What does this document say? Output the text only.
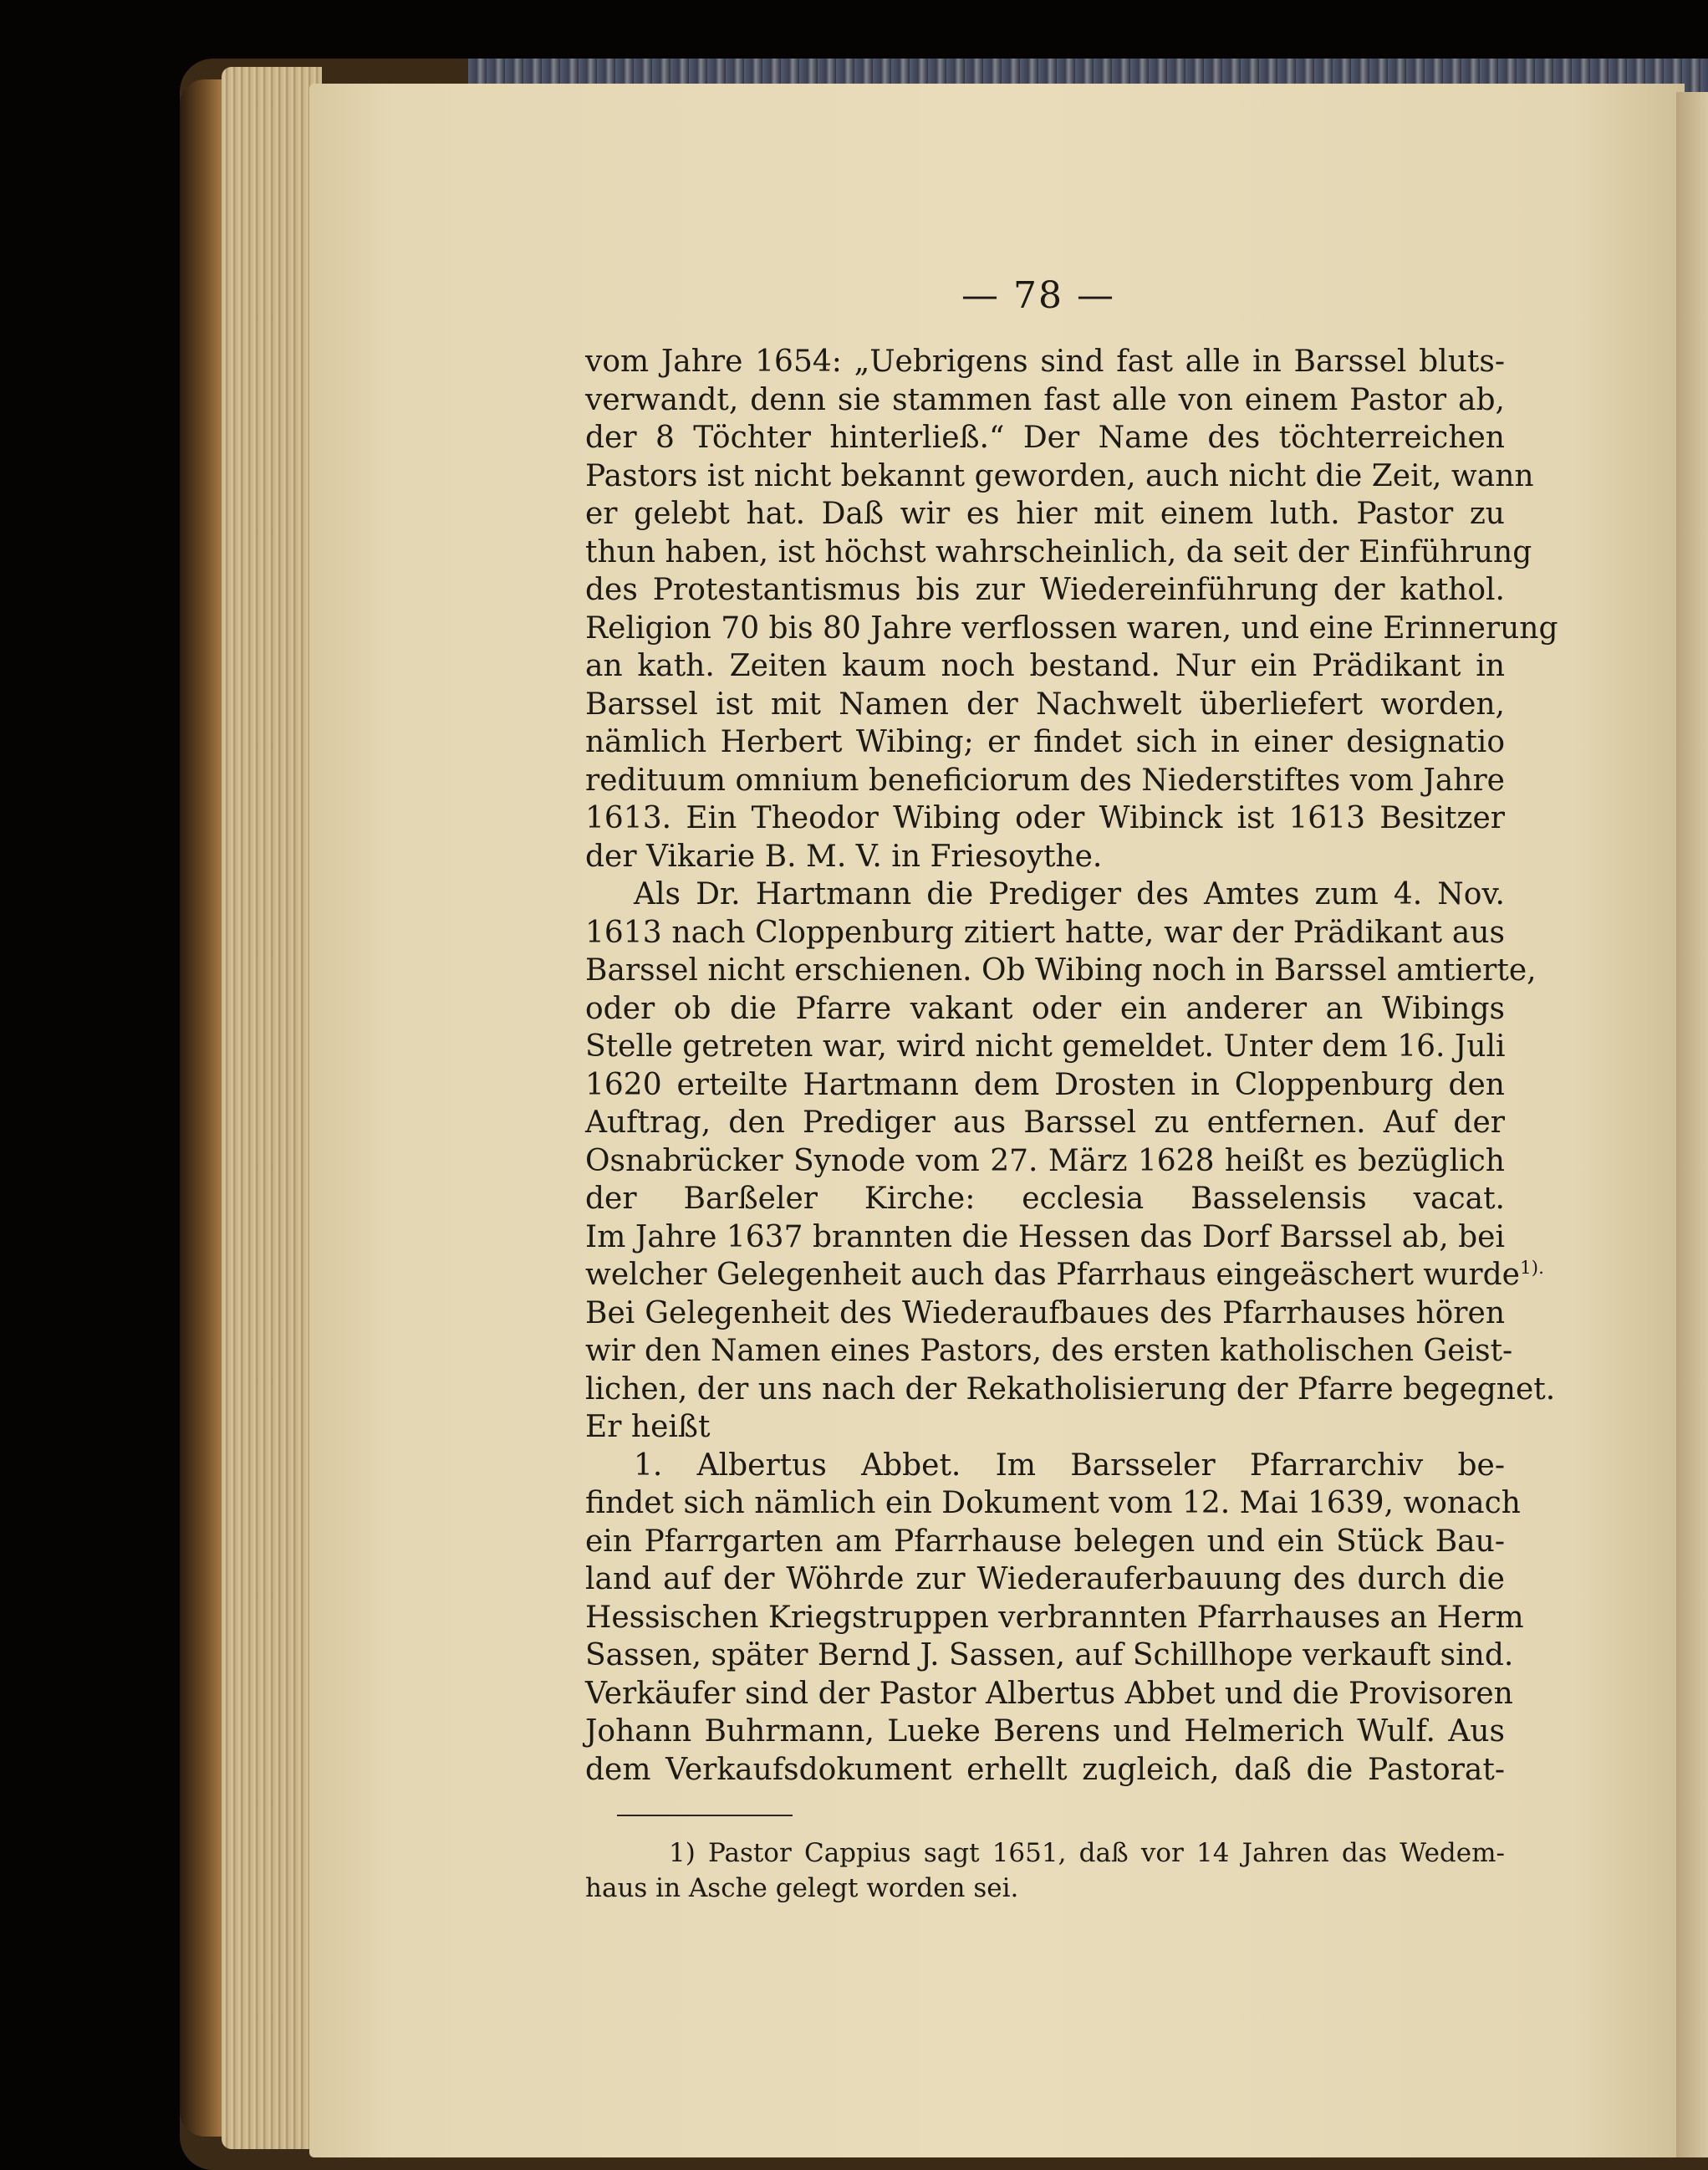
— 78 —
vom Jahre 1654: „Uebrigens sind fast alle in Barssel bluts-
verwandt, denn sie stammen fast alle von einem Pastor ab,
der 8 Töchter hinterließ.“ Der Name des töchterreichen
Pastors ist nicht bekannt geworden, auch nicht die Zeit, wann
er gelebt hat. Daß wir es hier mit einem luth. Pastor zu
thun haben, ist höchst wahrscheinlich, da seit der Einführung
des Protestantismus bis zur Wiedereinführung der kathol.
Religion 70 bis 80 Jahre verflossen waren, und eine Erinnerung
an kath. Zeiten kaum noch bestand. Nur ein Prädikant in
Barssel ist mit Namen der Nachwelt überliefert worden,
nämlich Herbert Wibing; er findet sich in einer designatio
redituum omnium beneficiorum des Niederstiftes vom Jahre
1613. Ein Theodor Wibing oder Wibinck ist 1613 Besitzer
der Vikarie B. M. V. in Friesoythe.
Als Dr. Hartmann die Prediger des Amtes zum 4. Nov.
1613 nach Cloppenburg zitiert hatte, war der Prädikant aus
Barssel nicht erschienen. Ob Wibing noch in Barssel amtierte,
oder ob die Pfarre vakant oder ein anderer an Wibings
Stelle getreten war, wird nicht gemeldet. Unter dem 16. Juli
1620 erteilte Hartmann dem Drosten in Cloppenburg den
Auftrag, den Prediger aus Barssel zu entfernen. Auf der
Osnabrücker Synode vom 27. März 1628 heißt es bezüglich
der Barßeler Kirche: ecclesia Basselensis vacat.
Im Jahre 1637 brannten die Hessen das Dorf Barssel ab, bei
welcher Gelegenheit auch das Pfarrhaus eingeäschert wurde$^{1).}$
Bei Gelegenheit des Wiederaufbaues des Pfarrhauses hören
wir den Namen eines Pastors, des ersten katholischen Geist-
lichen, der uns nach der Rekatholisierung der Pfarre begegnet.
Er heißt
1. Albertus Abbet. Im Barsseler Pfarrarchiv be-
findet sich nämlich ein Dokument vom 12. Mai 1639, wonach
ein Pfarrgarten am Pfarrhause belegen und ein Stück Bau-
land auf der Wöhrde zur Wiederauferbauung des durch die
Hessischen Kriegstruppen verbrannten Pfarrhauses an Herm
Sassen, später Bernd J. Sassen, auf Schillhope verkauft sind.
Verkäufer sind der Pastor Albertus Abbet und die Provisoren
Johann Buhrmann, Lueke Berens und Helmerich Wulf. Aus
dem Verkaufsdokument erhellt zugleich, daß die Pastorat-
1) Pastor Cappius sagt 1651, daß vor 14 Jahren das Wedem-
haus in Asche gelegt worden sei.
